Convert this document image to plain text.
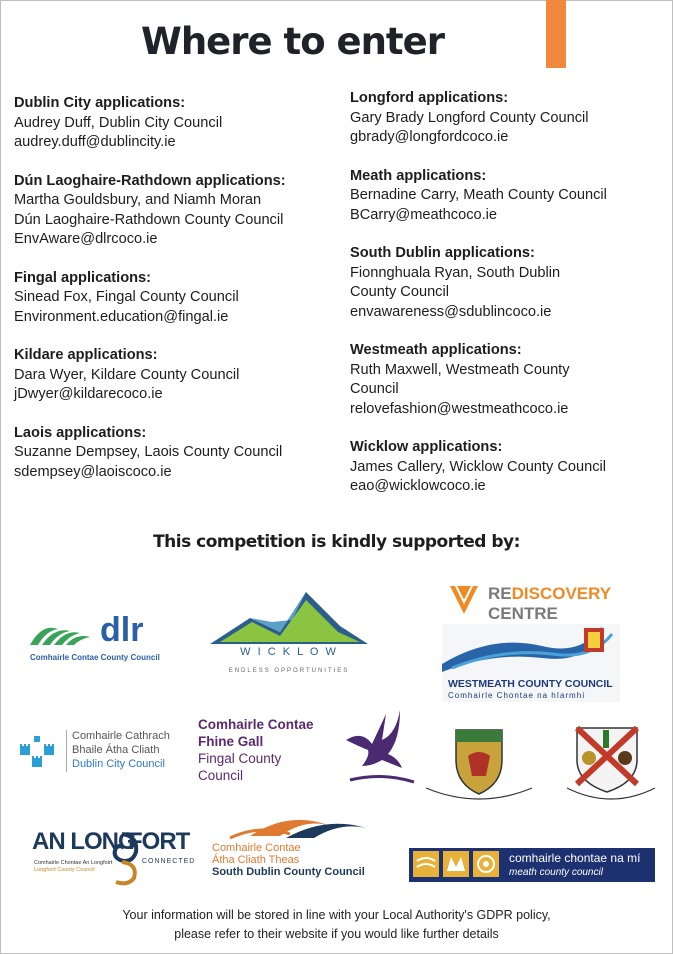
Where to enter
Dublin City applications:
Audrey Duff, Dublin City Council
audrey.duff@dublincity.ie
Dún Laoghaire-Rathdown applications:
Martha Gouldsbury, and Niamh Moran
Dún Laoghaire-Rathdown County Council
EnvAware@dlrcoco.ie
Fingal applications:
Sinead Fox, Fingal County Council
Environment.education@fingal.ie
Kildare applications:
Dara Wyer, Kildare County Council
jDwyer@kildarecoco.ie
Laois applications:
Suzanne Dempsey, Laois County Council
sdempsey@laoiscoco.ie
Longford applications:
Gary Brady Longford County Council
gbrady@longfordcoco.ie
Meath applications:
Bernadine Carry, Meath County Council
BCarry@meathcoco.ie
South Dublin applications:
Fionnghuala Ryan, South Dublin
County Council
envawareness@sdublincoco.ie
Westmeath applications:
Ruth Maxwell, Westmeath County
Council
relovefashion@westmeathcoco.ie
Wicklow applications:
James Callery, Wicklow County Council
eao@wicklowcoco.ie
This competition is kindly supported by:
dlr
Comhairle Contae County Council	W I C K L O W
ENDLESS OPPORTUNITIES
REDISCOVERY
CENTRE
WESTMEATH COUNTY COUNCIL
Comhairle Chontae na hIarmhí
Comhairle Cathrach
Bhaile Átha Cliath
Dublin City Council
Comhairle Contae
Fhine Gall
Fingal County
Council
AN LONG
FORT
Comhairle Chontae An Longfoirt
Longford County Council
CONNECTED
Comhairle Contae
Átha Cliath Theas
South Dublin County Council
comhairle chontae na mí
meath county council
Your information will be stored in line with your Local Authority's GDPR policy,
please refer to their website if you would like further details
